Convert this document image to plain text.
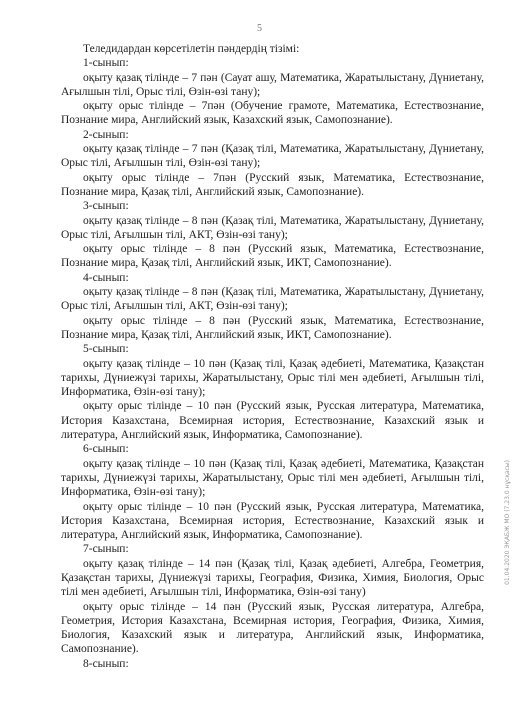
5

Теледидардан көрсетілетін пәндердің тізімі:

1-сынып:

оқыту қазақ тілінде – 7 пән (Сауат ашу, Математика, Жаратылыстану, Дүниетану, Ағылшын тілі, Орыс тілі, Өзін-өзі тану);

оқыту орыс тілінде – 7пән (Обучение грамоте, Математика, Естествознание, Познание мира, Английский язык, Казахский язык, Самопознание).

2-сынып:

оқыту қазақ тілінде – 7 пән (Қазақ тілі, Математика, Жаратылыстану, Дүниетану, Орыс тілі, Ағылшын тілі, Өзін-өзі тану);

оқыту орыс тілінде – 7пән (Русский язык, Математика, Естествознание, Познание мира, Қазақ тілі, Английский язык, Самопознание).

3-сынып:

оқыту қазақ тілінде – 8 пән (Қазақ тілі, Математика, Жаратылыстану, Дүниетану, Орыс тілі, Ағылшын тілі, АКТ, Өзін-өзі тану);

оқыту орыс тілінде – 8 пән (Русский язык, Математика, Естествознание, Познание мира, Қазақ тілі, Английский язык, ИКТ, Самопознание).

4-сынып:

оқыту қазақ тілінде – 8 пән (Қазақ тілі, Математика, Жаратылыстану, Дүниетану, Орыс тілі, Ағылшын тілі, АКТ, Өзін-өзі тану);

оқыту орыс тілінде – 8 пән (Русский язык, Математика, Естествознание, Познание мира, Қазақ тілі, Английский язык, ИКТ, Самопознание).

5-сынып:

оқыту қазақ тілінде – 10 пән (Қазақ тілі, Қазақ әдебиеті, Математика, Қазақстан тарихы, Дүниежүзі тарихы, Жаратылыстану, Орыс тілі мен әдебиеті, Ағылшын тілі, Информатика, Өзін-өзі тану);

оқыту орыс тілінде – 10 пән (Русский язык, Русская литература, Математика, История Казахстана, Всемирная история, Естествознание, Казахский язык и литература, Английский язык, Информатика, Самопознание).

6-сынып:

оқыту қазақ тілінде – 10 пән (Қазақ тілі, Қазақ әдебиеті, Математика, Қазақстан тарихы, Дүниежүзі тарихы, Жаратылыстану, Орыс тілі мен әдебиеті, Ағылшын тілі, Информатика, Өзін-өзі тану);

оқыту орыс тілінде – 10 пән (Русский язык, Русская литература, Математика, История Казахстана, Всемирная история, Естествознание, Казахский язык и литература, Английский язык, Информатика, Самопознание).

7-сынып:

оқыту қазақ тілінде – 14 пән (Қазақ тілі, Қазақ әдебиеті, Алгебра, Геометрия, Қазақстан тарихы, Дүниежүзі тарихы, География, Физика, Химия, Биология, Орыс тілі мен әдебиеті, Ағылшын тілі, Информатика, Өзін-өзі тану)

оқыту орыс тілінде – 14 пән (Русский язык, Русская литература, Алгебра, Геометрия, История Казахстана, Всемирная история, География, Физика, Химия, Биология, Казахский язык и литература, Английский язык, Информатика, Самопознание).

8-сынып:

01.04.2020 ЭҚАБЖ МО (7.23.0 нұсқасы)
